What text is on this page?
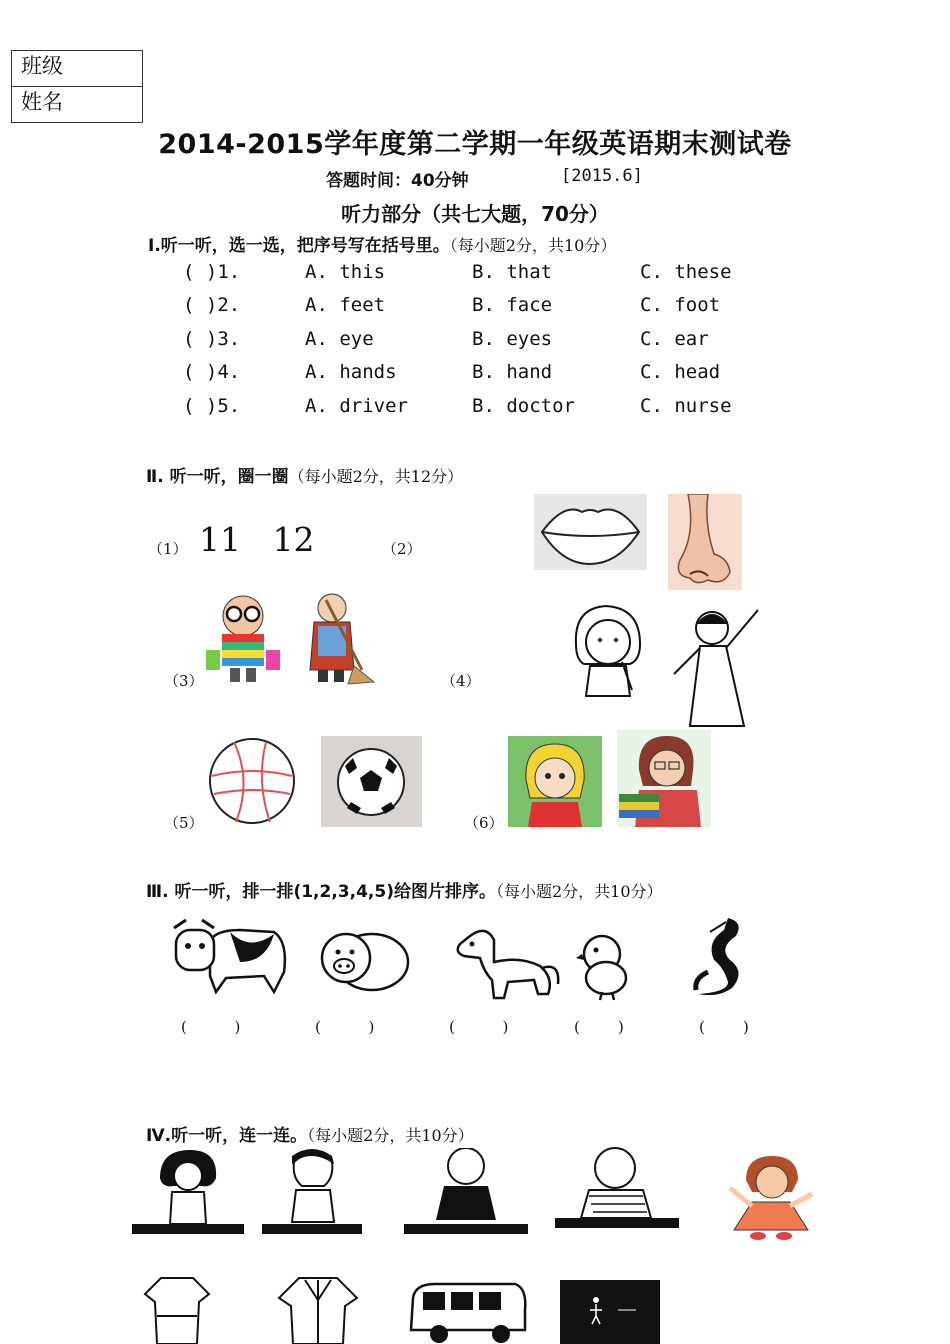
班级
姓名
2014-2015学年度第二学期一年级英语期末测试卷
答题时间：40分钟	[2015.6]
听力部分（共七大题，70分）
Ⅰ.听一听，选一选，把序号写在括号里。（每小题2分，共10分）
( )1.	A. this	B. that	C. these
( )2.	A. feet	B. face	C. foot
( )3.	A. eye	B. eyes	C. ear
( )4.	A. hands	B. hand	C. head
( )5.	A. driver	B. doctor	C. nurse
Ⅱ. 听一听，圈一圈（每小题2分，共12分）
（1） 11   12	（2）
（3）	（4）
（5）	（6）
Ⅲ. 听一听，排一排(1,2,3,4,5)给图片排序。（每小题2分，共10分）
(          )	(          )	(          )	(        )	(        )
Ⅳ.听一听，连一连。（每小题2分，共10分）
